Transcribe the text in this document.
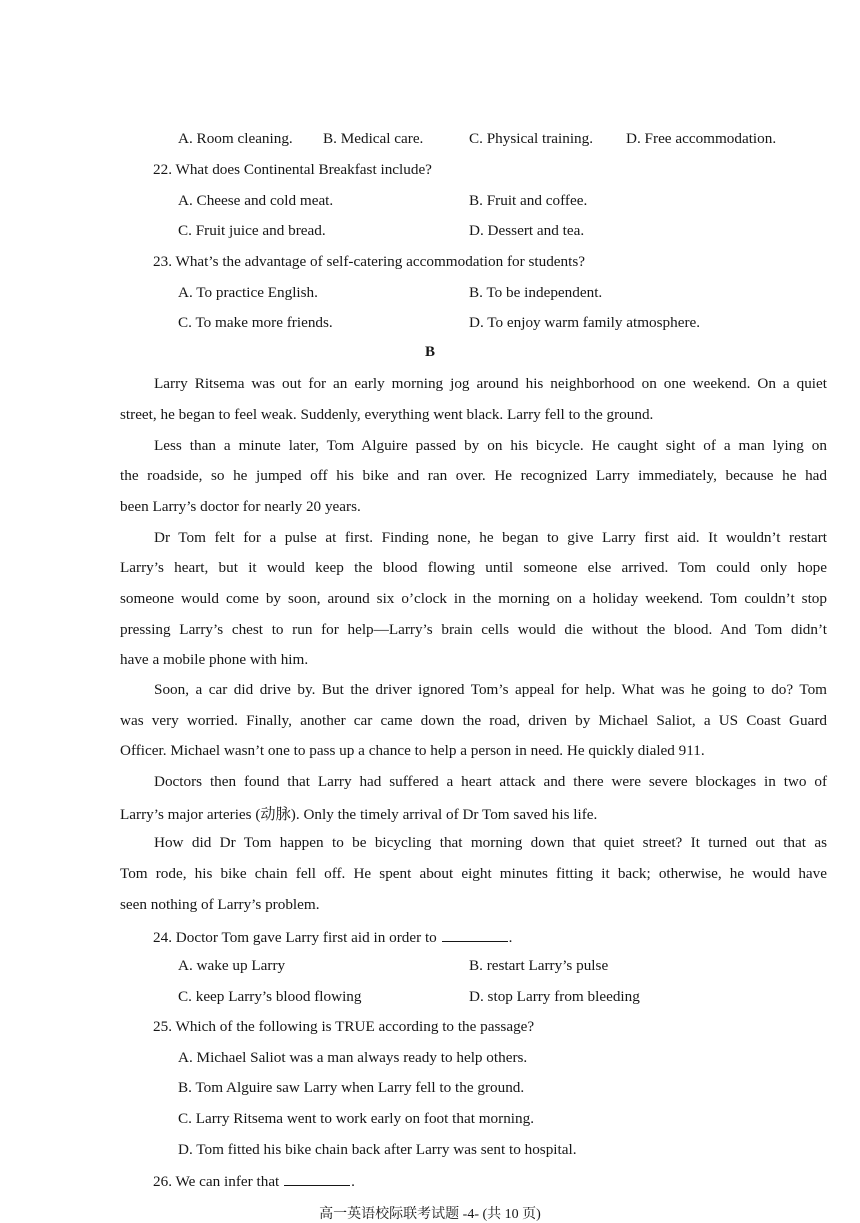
A. Room cleaning. B. Medical care.	C. Physical training. D. Free accommodation.
22. What does Continental Breakfast include?
A. Cheese and cold meat.	B. Fruit and coffee.
C. Fruit juice and bread.	D. Dessert and tea.
23. What’s the advantage of self-catering accommodation for students?
A. To practice English.	B. To be independent.
C. To make more friends.	D. To enjoy warm family atmosphere.
B
Larry Ritsema was out for an early morning jog around his neighborhood on one weekend. On a quiet
street, he began to feel weak. Suddenly, everything went black. Larry fell to the ground.
Less than a minute later, Tom Alguire passed by on his bicycle. He caught sight of a man lying on
the roadside, so he jumped off his bike and ran over. He recognized Larry immediately, because he had
been Larry’s doctor for nearly 20 years.
Dr Tom felt for a pulse at first. Finding none, he began to give Larry first aid. It wouldn’t restart
Larry’s heart, but it would keep the blood flowing until someone else arrived. Tom could only hope
someone would come by soon, around six o’clock in the morning on a holiday weekend. Tom couldn’t stop
pressing Larry’s chest to run for help—Larry’s brain cells would die without the blood. And Tom didn’t
have a mobile phone with him.
Soon, a car did drive by. But the driver ignored Tom’s appeal for help. What was he going to do? Tom
was very worried. Finally, another car came down the road, driven by Michael Saliot, a US Coast Guard
Officer. Michael wasn’t one to pass up a chance to help a person in need. He quickly dialed 911.
Doctors then found that Larry had suffered a heart attack and there were severe blockages in two of
Larry’s major arteries (动脉). Only the timely arrival of Dr Tom saved his life.
How did Dr Tom happen to be bicycling that morning down that quiet street? It turned out that as
Tom rode, his bike chain fell off. He spent about eight minutes fitting it back; otherwise, he would have
seen nothing of Larry’s problem.
24. Doctor Tom gave Larry first aid in order to	.
A. wake up Larry	B. restart Larry’s pulse
C. keep Larry’s blood flowing	D. stop Larry from bleeding
25. Which of the following is TRUE according to the passage?
A. Michael Saliot was a man always ready to help others.
B. Tom Alguire saw Larry when Larry fell to the ground.
C. Larry Ritsema went to work early on foot that morning.
D. Tom fitted his bike chain back after Larry was sent to hospital.
26. We can infer that	.
高一英语校际联考试题 -4- (共 10 页)
